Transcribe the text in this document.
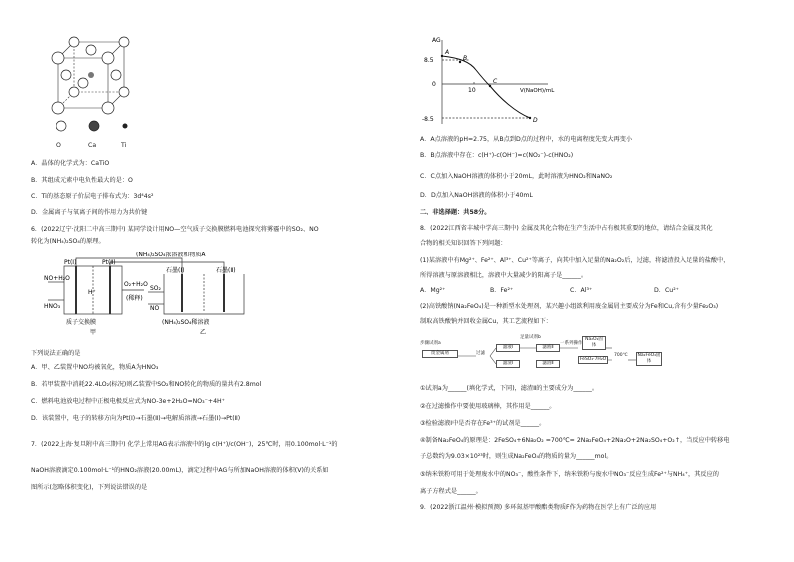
O	Ca	Ti
A．晶体的化学式为：CaTiO
B．其组成元素中电负性最大的是：O
C．Ti的基态原子价层电子排布式为：3d⁴4s²
D．金属离子与氧离子间的作用力为共价键
6．(2022辽宁·沈阳二中高三期中) 某同学设计用NO—空气质子交换膜燃料电池探究将雾霾中的SO₂、NO
转化为(NH₄)₂SO₄的原理。
Pt(Ⅰ)	Pt(Ⅱ)
(NH₄)₂SO₄浓溶液和物质A
石墨(Ⅰ)	石墨(Ⅱ)
NO+H₂O
HNO₃
H⁺
O₂+H₂O
(稀释)
SO₂
NO
(NH₄)₂SO₄稀溶液
质子交换膜
甲	乙
下列说法正确的是
A．甲、乙装置中NO均被氧化，物质A为HNO₃
B．若甲装置中消耗22.4LO₂(标况)则乙装置中SO₂和NO转化的物质的量共有2.8mol
C．燃料电池放电过程中正极电极反应式为NO-3e+2H₂O=NO₃⁻+4H⁺
D．该装置中，电子的转移方向为Pt(Ⅰ)→石墨(Ⅱ)→电解质溶液→石墨(Ⅰ)→Pt(Ⅱ)
7．(2022上海·复旦附中高三期中) 化学上常用AG表示溶液中的lg c(H⁺)/c(OH⁻)，25℃时，用0.100mol·L⁻¹的
NaOH溶液滴定0.100mol·L⁻¹的HNO₂溶液(20.00mL)，滴定过程中AG与所加NaOH溶液的体积(V)的关系如
图所示(忽略体积变化)，下列说法错误的是
AG
8.5
0
-8.5
10	V(NaOH)/mL
A
B
C
D
A．A点溶液的pH=2.75，从B点到D点的过程中，水的电离程度先变大再变小
B．B点溶液中存在：c(H⁺)-c(OH⁻)=c(NO₂⁻)-c(HNO₂)
C．C点加入NaOH溶液的体积小于20mL，此时溶液为HNO₂和NaNO₂
D．D点加入NaOH溶液的体积小于40mL
二、非选择题：共58分。
8．(2022江西省丰城中学高三期中) 金属及其化合物在生产生活中占有极其重要的地位，请结合金属及其化
合物的相关知识回答下列问题：
(1)某溶液中有Mg²⁺、Fe²⁺、Al³⁺、Cu²⁺等离子，向其中加入足量的Na₂O₂后，过滤，将滤渣投入足量的盐酸中，
所得溶液与原溶液相比，溶液中大量减少的阳离子是______。
A．Mg²⁺	B．Fe²⁺	C．Al³⁺	D．Cu²⁺
(2)高铁酸钠(Na₂FeO₄)是一种新型水处理剂，某兴趣小组欲利用废金属屑主要成分为Fe和Cu,含有少量Fe₂O₃)
制取高铁酸钠并回收金属Cu，其工艺流程如下：
废金属屑
步骤试剂a
过滤
滤液Ⅰ
滤渣Ⅰ
足量试剂b
滤液Ⅱ
滤渣Ⅱ
一系列操作
FeSO₄·7H₂O
Na₂O₂固体
700℃	Na₂FeO₄固体
①试剂a为______(填化学式，下同)，滤渣Ⅱ的主要成分为______。
②在过滤操作中要使用玻璃棒，其作用是______。
③检验滤液Ⅰ中是否存在Fe³⁺的试剂是______。
④制备Na₂FeO₄的原理是：2FeSO₄+6Na₂O₂ =700℃= 2Na₂FeO₄+2Na₂O+2Na₂SO₄+O₂↑，当反应中转移电
子总数约为9.03×10²³时，则生成Na₂FeO₄的物质的量为______mol。
⑤纳米铁粉可用于处理废水中的NO₃⁻，酸性条件下，纳米铁粉与废水中NO₃⁻反应生成Fe²⁺与NH₄⁺，其反应的
离子方程式是______。
9．(2022浙江温州·模拟预测) 多环氮基甲酸酯类物质F作为药物在医学上有广泛的应用
